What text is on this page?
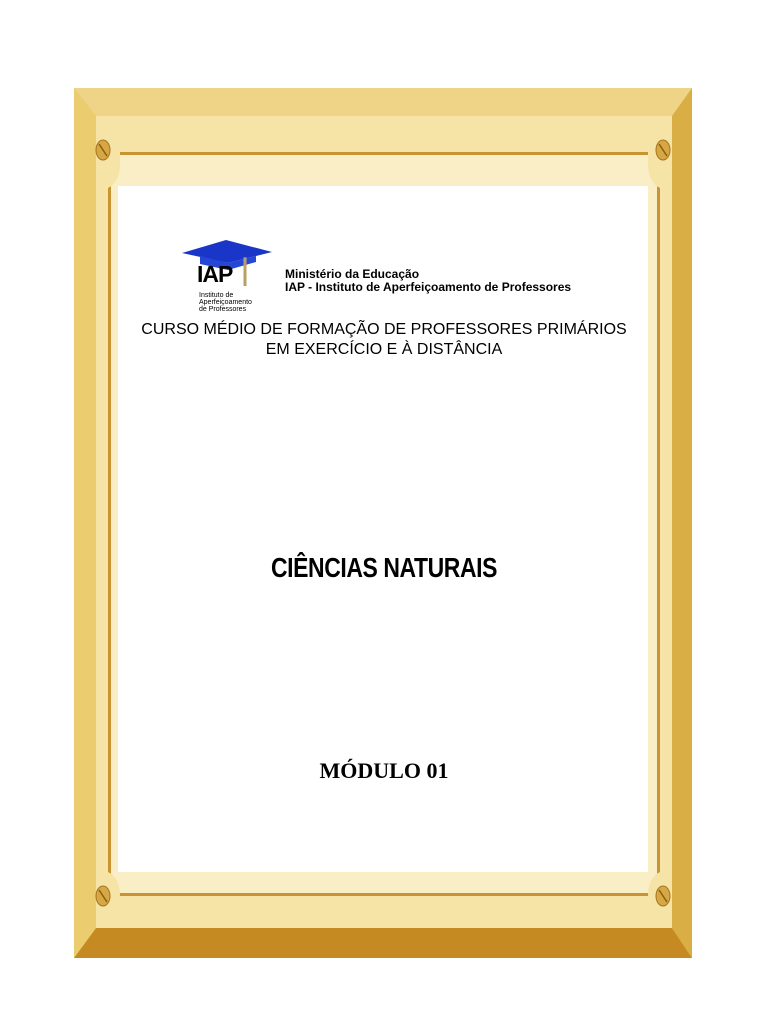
IAP
Instituto de
Aperfeiçoamento
de Professores
Ministério da Educação
IAP - Instituto de Aperfeiçoamento de Professores
CURSO MÉDIO DE FORMAÇÃO DE PROFESSORES PRIMÁRIOS
EM EXERCÍCIO E À DISTÂNCIA
CIÊNCIAS NATURAIS
MÓDULO 01
